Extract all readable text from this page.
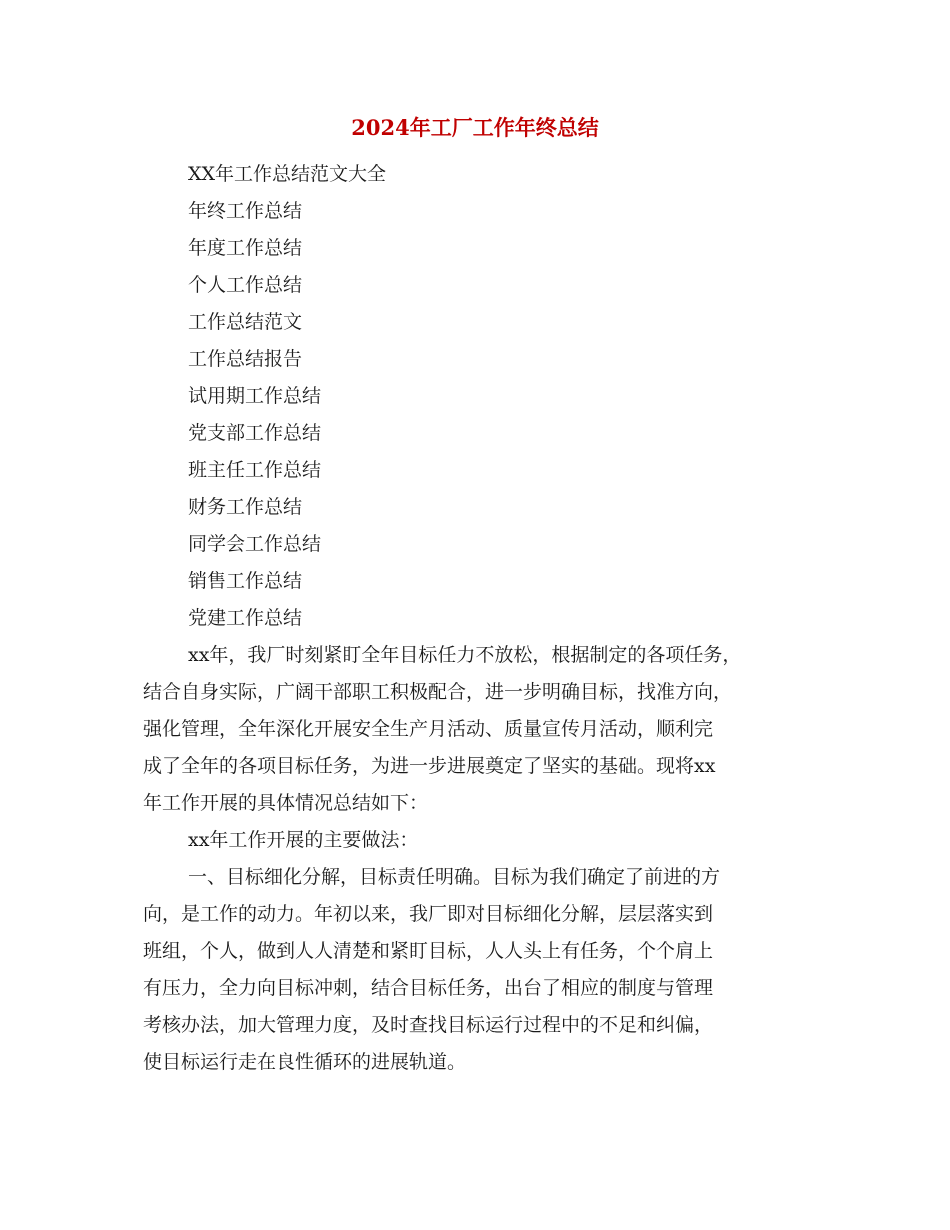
2024年工厂工作年终总结
XX年工作总结范文大全
年终工作总结
年度工作总结
个人工作总结
工作总结范文
工作总结报告
试用期工作总结
党支部工作总结
班主任工作总结
财务工作总结
同学会工作总结
销售工作总结
党建工作总结

xx年，我厂时刻紧盯全年目标任力不放松，根据制定的各项任务，
结合自身实际，广阔干部职工积极配合，进一步明确目标，找准方向，
强化管理，全年深化开展安全生产月活动、质量宣传月活动，顺利完
成了全年的各项目标任务，为进一步进展奠定了坚实的基础。现将xx
年工作开展的具体情况总结如下：

xx年工作开展的主要做法：

一、目标细化分解，目标责任明确。目标为我们确定了前进的方
向，是工作的动力。年初以来，我厂即对目标细化分解，层层落实到
班组，个人，做到人人清楚和紧盯目标，人人头上有任务，个个肩上
有压力，全力向目标冲刺，结合目标任务，出台了相应的制度与管理
考核办法，加大管理力度，及时查找目标运行过程中的不足和纠偏，
使目标运行走在良性循环的进展轨道。
